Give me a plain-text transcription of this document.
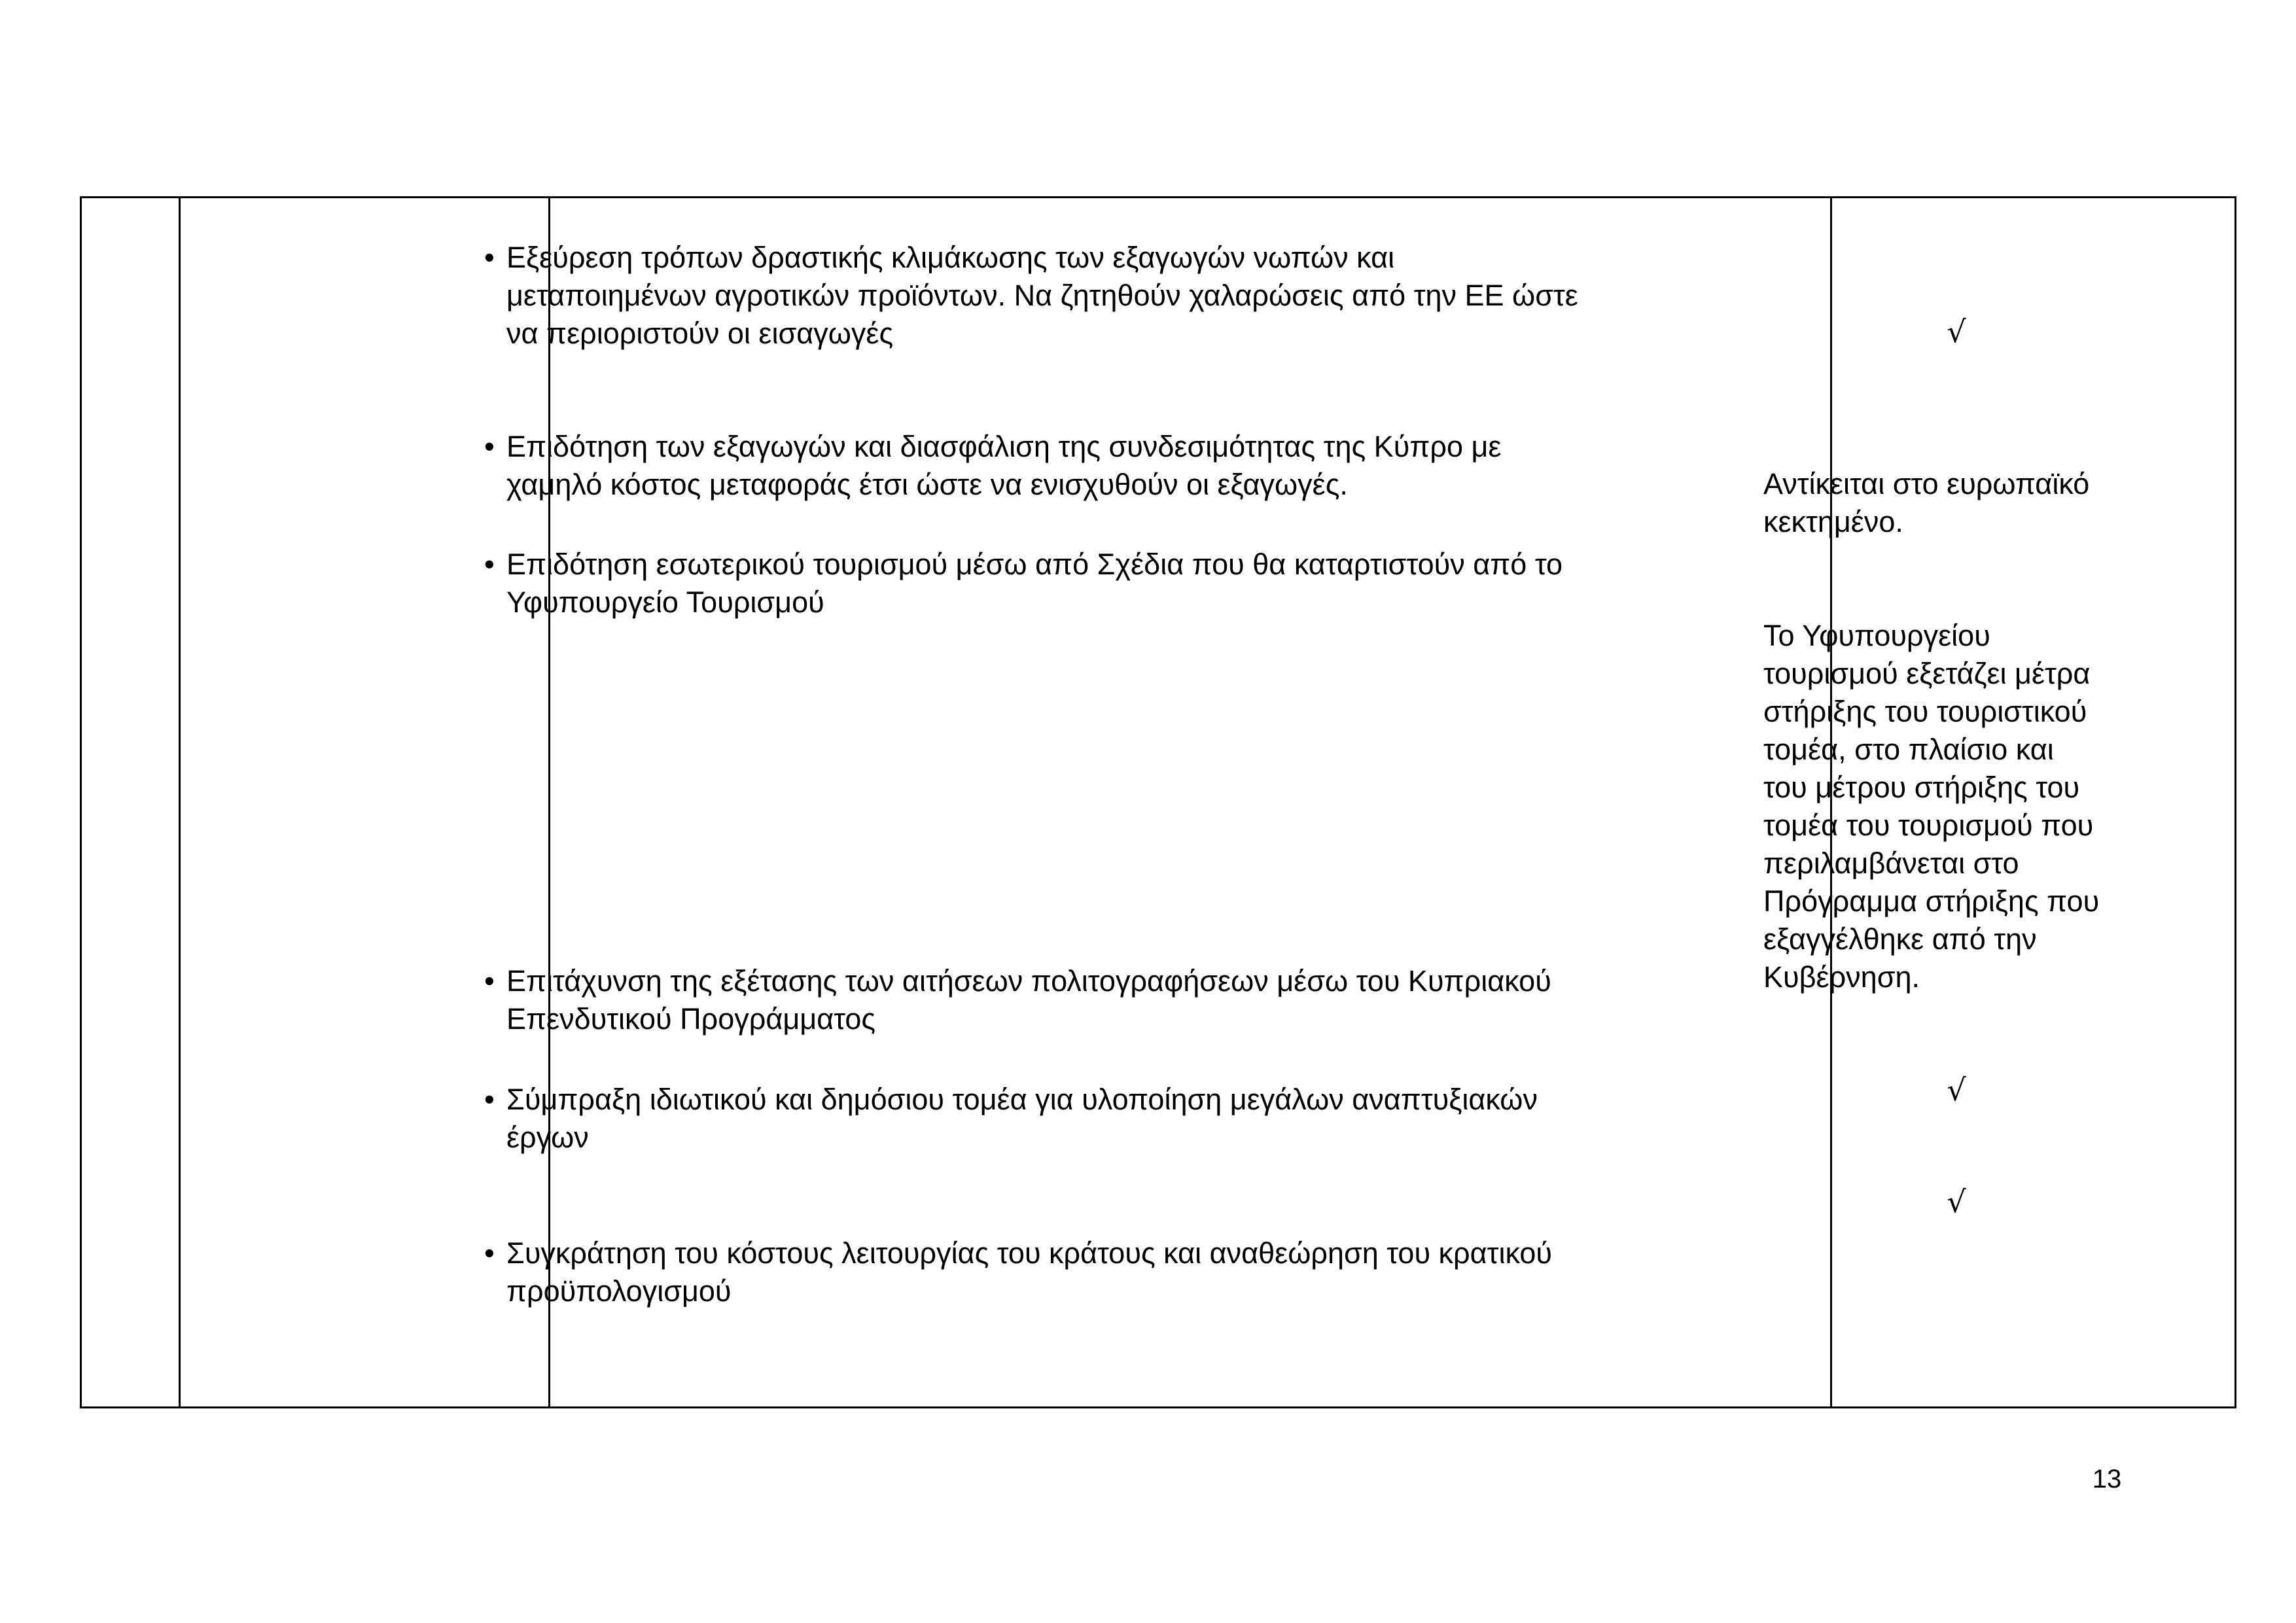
• Εξεύρεση τρόπων δραστικής κλιμάκωσης των εξαγωγών νωπών και
μεταποιημένων αγροτικών προϊόντων. Να ζητηθούν χαλαρώσεις από την ΕΕ ώστε
να περιοριστούν οι εισαγωγές
• Επιδότηση των εξαγωγών και διασφάλιση της συνδεσιμότητας της Κύπρο με
χαμηλό κόστος μεταφοράς έτσι ώστε να ενισχυθούν οι εξαγωγές.
• Επιδότηση εσωτερικού τουρισμού μέσω από Σχέδια που θα καταρτιστούν από το
Υφυπουργείο Τουρισμού
• Επιτάχυνση της εξέτασης των αιτήσεων πολιτογραφήσεων μέσω του Κυπριακού
Επενδυτικού Προγράμματος
• Σύμπραξη ιδιωτικού και δημόσιου τομέα για υλοποίηση μεγάλων αναπτυξιακών
έργων
• Συγκράτηση του κόστους λειτουργίας του κράτους και αναθεώρηση του κρατικού
προϋπολογισμού
√
Αντίκειται στο ευρωπαϊκό
κεκτημένο.
Το Υφυπουργείου
τουρισμού εξετάζει μέτρα
στήριξης του τουριστικού
τομέα, στο πλαίσιο και
του μέτρου στήριξης του
τομέα του τουρισμού που
περιλαμβάνεται στο
Πρόγραμμα στήριξης που
εξαγγέλθηκε από την
Κυβέρνηση.
√
√
13
